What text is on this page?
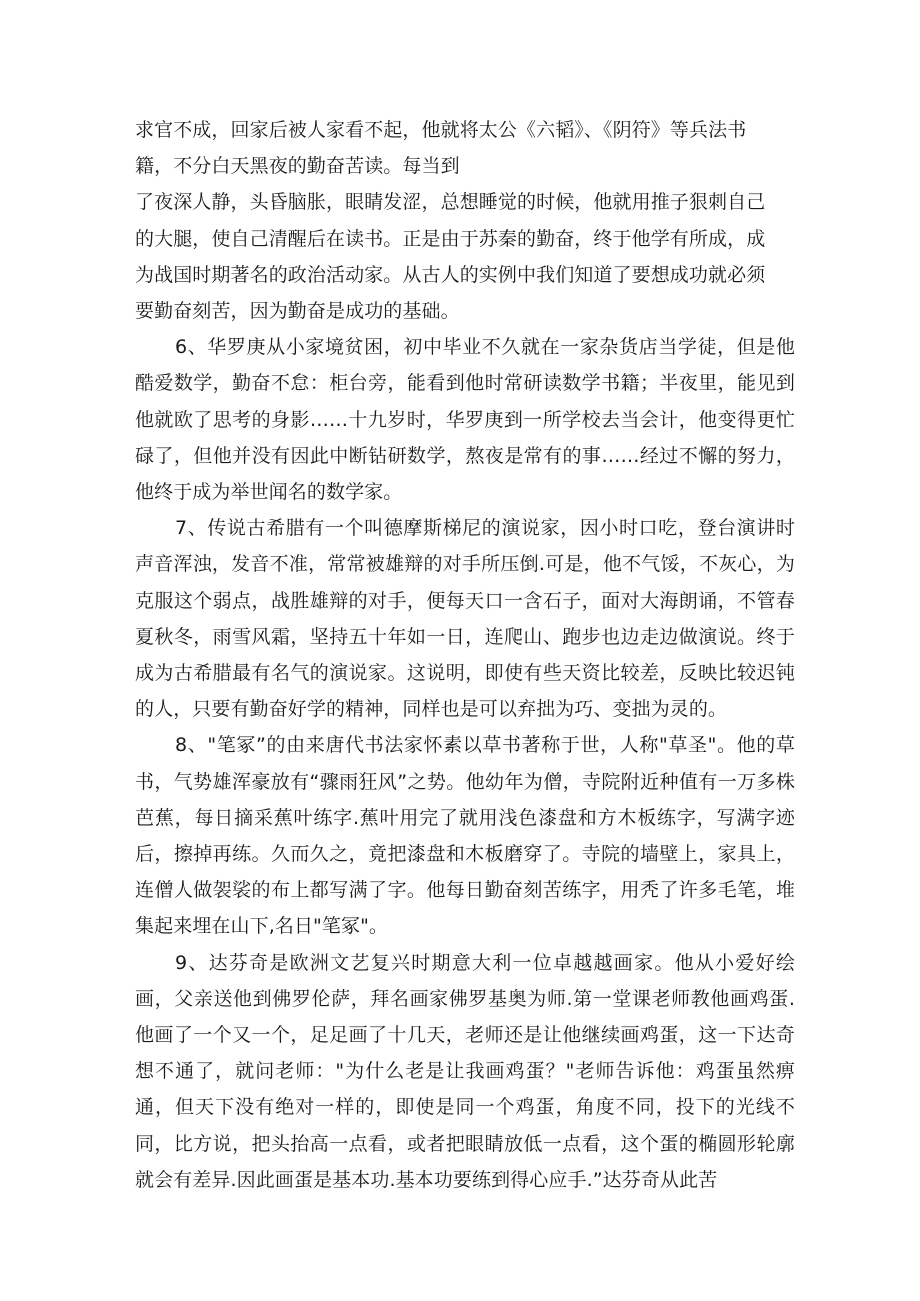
求官不成，回家后被人家看不起，他就将太公《六韬》、《阴符》等兵法书
籍，不分白天黑夜的勤奋苦读。每当到
了夜深人静，头昏脑胀，眼睛发涩，总想睡觉的时候，他就用推子狠刺自己
的大腿，使自己清醒后在读书。正是由于苏秦的勤奋，终于他学有所成，成
为战国时期著名的政治活动家。从古人的实例中我们知道了要想成功就必须
要勤奋刻苦，因为勤奋是成功的基础。

6、华罗庚从小家境贫困，初中毕业不久就在一家杂货店当学徒，但是他酷爱数学，勤奋不怠：柜台旁，能看到他时常研读数学书籍；半夜里，能见到他就欧了思考的身影……十九岁时，华罗庚到一所学校去当会计，他变得更忙碌了，但他并没有因此中断钻研数学，熬夜是常有的事……经过不懈的努力，他终于成为举世闻名的数学家。

7、传说古希腊有一个叫德摩斯梯尼的演说家，因小时口吃，登台演讲时声音浑浊，发音不准，常常被雄辩的对手所压倒.可是，他不气馁，不灰心，为克服这个弱点，战胜雄辩的对手，便每天口一含石子，面对大海朗诵，不管春夏秋冬，雨雪风霜，坚持五十年如一日，连爬山、跑步也边走边做演说。终于成为古希腊最有名气的演说家。这说明，即使有些天资比较差，反映比较迟钝的人，只要有勤奋好学的精神，同样也是可以弃拙为巧、变拙为灵的。

8、"笔冢”的由来唐代书法家怀素以草书著称于世，人称"草圣"。他的草书，气势雄浑豪放有“骤雨狂风”之势。他幼年为僧，寺院附近种值有一万多株芭蕉，每日摘采蕉叶练字.蕉叶用完了就用浅色漆盘和方木板练字，写满字迹后，擦掉再练。久而久之，竟把漆盘和木板磨穿了。寺院的墙壁上，家具上，连僧人做袈裟的布上都写满了字。他每日勤奋刻苦练字，用秃了许多毛笔，堆集起来埋在山下,名日"笔冢"。

9、达芬奇是欧洲文艺复兴时期意大利一位卓越越画家。他从小爱好绘画，父亲送他到佛罗伦萨，拜名画家佛罗基奥为师.第一堂课老师教他画鸡蛋.他画了一个又一个，足足画了十几天，老师还是让他继续画鸡蛋，这一下达奇想不通了，就问老师："为什么老是让我画鸡蛋？"老师告诉他：鸡蛋虽然痹通，但天下没有绝对一样的，即使是同一个鸡蛋，角度不同，投下的光线不同，比方说，把头抬高一点看，或者把眼睛放低一点看，这个蛋的椭圆形轮廓就会有差异.因此画蛋是基本功.基本功要练到得心应手.”达芬奇从此苦
